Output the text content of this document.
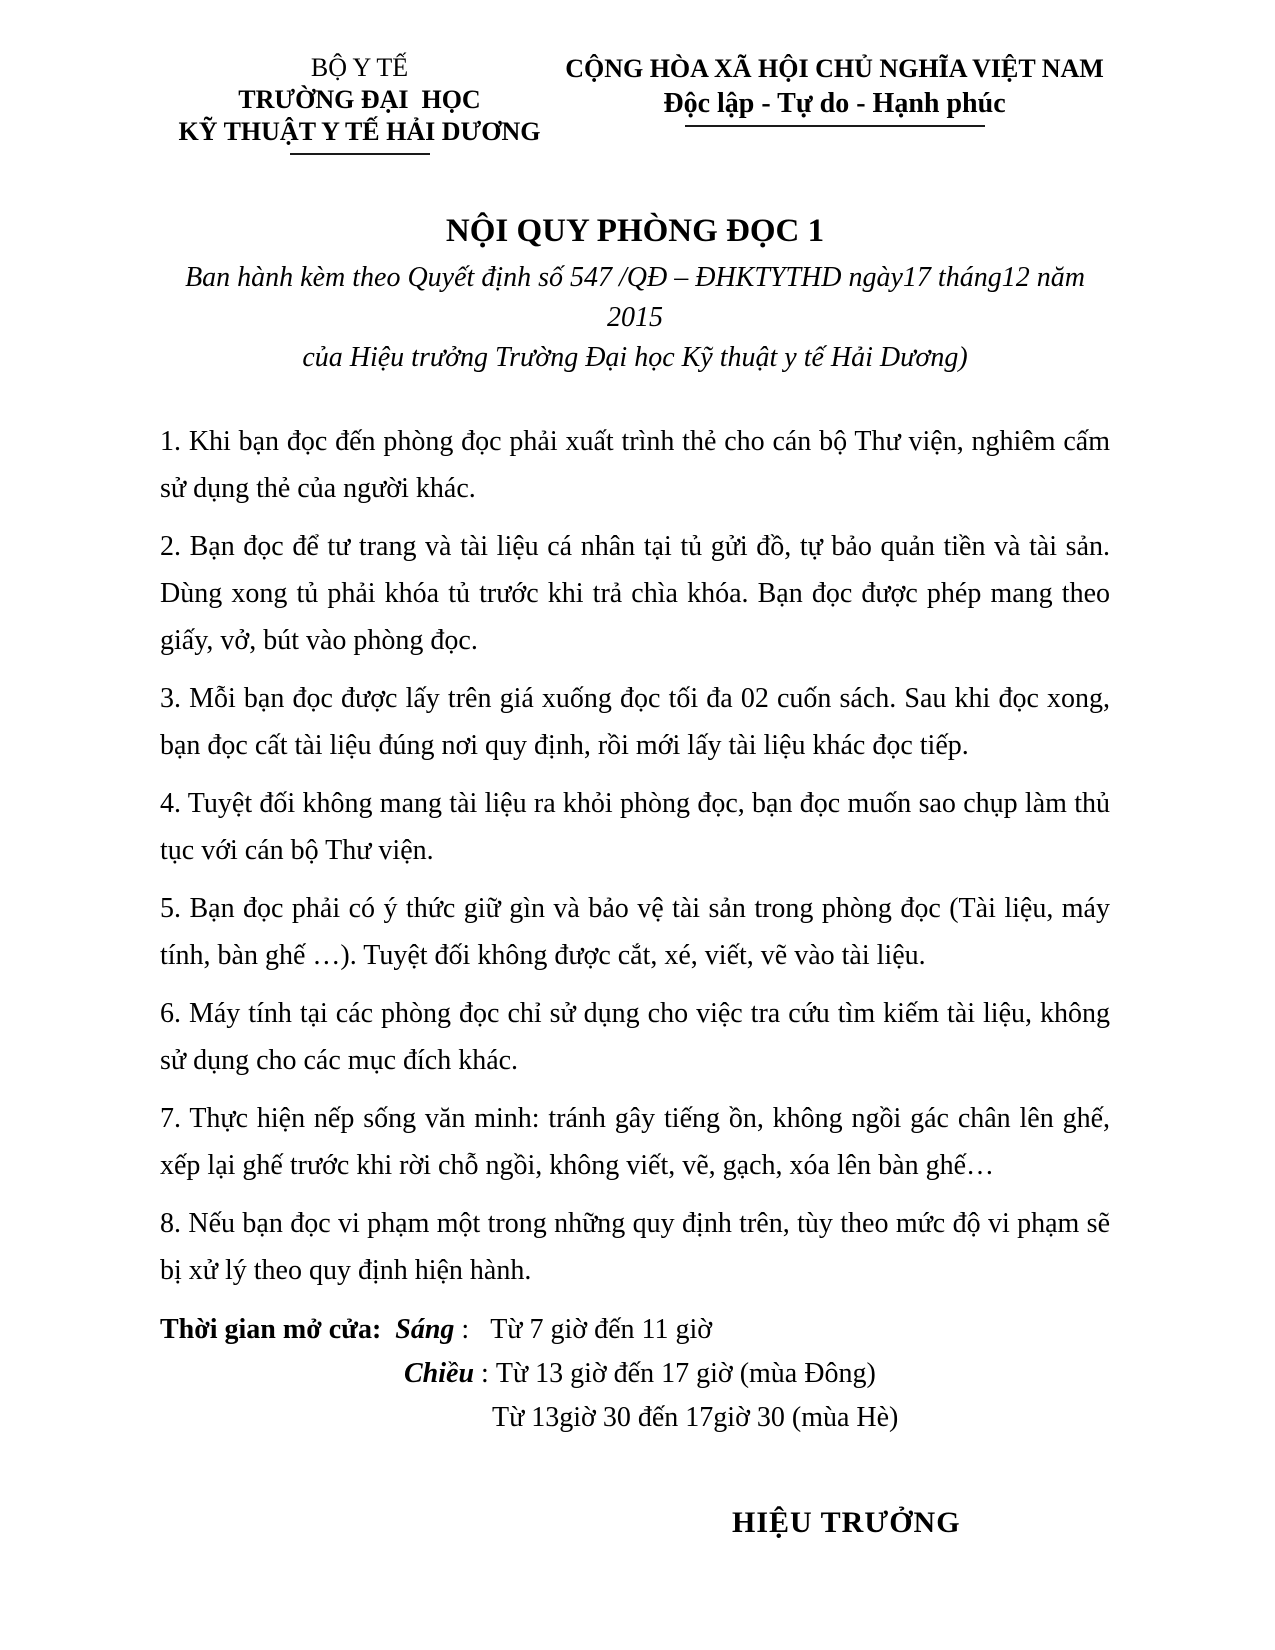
BỘ Y TẾ
TRƯỜNG ĐẠI  HỌC
KỸ THUẬT Y TẾ HẢI DƯƠNG
CỘNG HÒA XÃ HỘI CHỦ NGHĨA VIỆT NAM
Độc lập - Tự do - Hạnh phúc
NỘI QUY PHÒNG ĐỌC 1
Ban hành kèm theo Quyết định số 547 /QĐ – ĐHKTYTHD ngày17 tháng12 năm 2015
của Hiệu trưởng Trường Đại học Kỹ thuật y tế Hải Dương)

1. Khi bạn đọc đến phòng đọc phải xuất trình thẻ cho cán bộ Thư viện, nghiêm cấm sử dụng thẻ của người khác.

2. Bạn đọc để tư trang và tài liệu cá nhân tại tủ gửi đồ, tự bảo quản tiền và tài sản. Dùng xong tủ phải khóa tủ trước khi trả chìa khóa. Bạn đọc được phép mang theo giấy, vở, bút vào phòng đọc.

3. Mỗi bạn đọc được lấy trên giá xuống đọc tối đa 02 cuốn sách. Sau khi đọc xong, bạn đọc cất tài liệu đúng nơi quy định, rồi mới lấy tài liệu khác đọc tiếp.

4. Tuyệt đối không mang tài liệu ra khỏi phòng đọc, bạn đọc muốn sao chụp làm thủ tục với cán bộ Thư viện.

5. Bạn đọc phải có ý thức giữ gìn và bảo vệ tài sản trong phòng đọc (Tài liệu, máy tính, bàn ghế …). Tuyệt đối không được cắt, xé, viết, vẽ vào tài liệu.

6. Máy tính tại các phòng đọc chỉ sử dụng cho việc tra cứu tìm kiếm tài liệu, không sử dụng cho các mục đích khác.

7. Thực hiện nếp sống văn minh: tránh gây tiếng ồn, không ngồi gác chân lên ghế, xếp lại ghế trước khi rời chỗ ngồi, không viết, vẽ, gạch, xóa lên bàn ghế…

8. Nếu bạn đọc vi phạm một trong những quy định trên, tùy theo mức độ vi phạm sẽ bị xử lý theo quy định hiện hành.

Thời gian mở cửa: Sáng : Từ 7 giờ đến 11 giờ
Chiều : Từ 13 giờ đến 17 giờ (mùa Đông)
Từ 13giờ 30 đến 17giờ 30 (mùa Hè)
HIỆU TRƯỞNG
